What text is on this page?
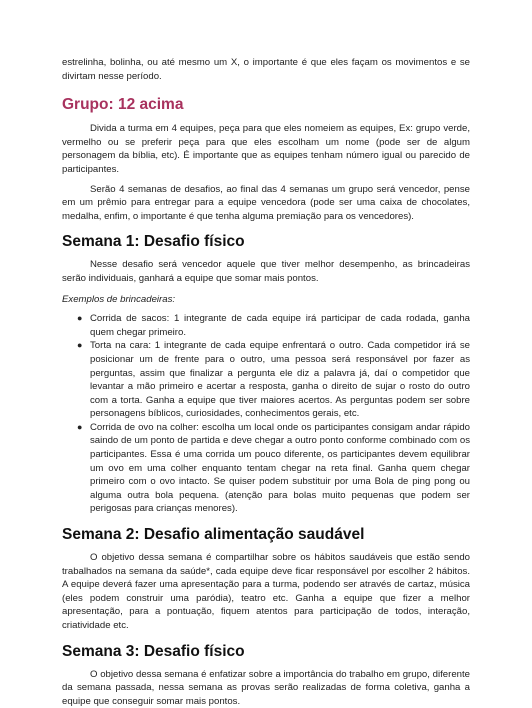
estrelinha, bolinha, ou até mesmo um X, o importante é que eles façam os movimentos e se divirtam nesse período.

Grupo: 12 acima

Divida a turma em 4 equipes, peça para que eles nomeiem as equipes, Ex: grupo verde, vermelho ou se preferir peça para que eles escolham um nome (pode ser de algum personagem da bíblia, etc). É importante que as equipes tenham número igual ou parecido de participantes.

Serão 4 semanas de desafios, ao final das 4 semanas um grupo será vencedor, pense em um prêmio para entregar para a equipe vencedora (pode ser uma caixa de chocolates, medalha, enfim, o importante é que tenha alguma premiação para os vencedores).

Semana 1: Desafio físico

Nesse desafio será vencedor aquele que tiver melhor desempenho, as brincadeiras serão individuais, ganhará a equipe que somar mais pontos.

Exemplos de brincadeiras:

● Corrida de sacos: 1 integrante de cada equipe irá participar de cada rodada, ganha quem chegar primeiro.
● Torta na cara: 1 integrante de cada equipe enfrentará o outro. Cada competidor irá se posicionar um de frente para o outro, uma pessoa será responsável por fazer as perguntas, assim que finalizar a pergunta ele diz a palavra já, daí o competidor que levantar a mão primeiro e acertar a resposta, ganha o direito de sujar o rosto do outro com a torta. Ganha a equipe que tiver maiores acertos. As perguntas podem ser sobre personagens bíblicos, curiosidades, conhecimentos gerais, etc.
● Corrida de ovo na colher: escolha um local onde os participantes consigam andar rápido saindo de um ponto de partida e deve chegar a outro ponto conforme combinado com os participantes. Essa é uma corrida um pouco diferente, os participantes devem equilibrar um ovo em uma colher enquanto tentam chegar na reta final. Ganha quem chegar primeiro com o ovo intacto. Se quiser podem substituir por uma Bola de ping pong ou alguma outra bola pequena. (atenção para bolas muito pequenas que podem ser perigosas para crianças menores).
Semana 2: Desafio alimentação saudável

O objetivo dessa semana é compartilhar sobre os hábitos saudáveis que estão sendo trabalhados na semana da saúde*, cada equipe deve ficar responsável por escolher 2 hábitos. A equipe deverá fazer uma apresentação para a turma, podendo ser através de cartaz, música (eles podem construir uma paródia), teatro etc. Ganha a equipe que fizer a melhor apresentação, para a pontuação, fiquem atentos para participação de todos, interação, criatividade etc.

Semana 3: Desafio físico

O objetivo dessa semana é enfatizar sobre a importância do trabalho em grupo, diferente da semana passada, nessa semana as provas serão realizadas de forma coletiva, ganha a equipe que conseguir somar mais pontos.
